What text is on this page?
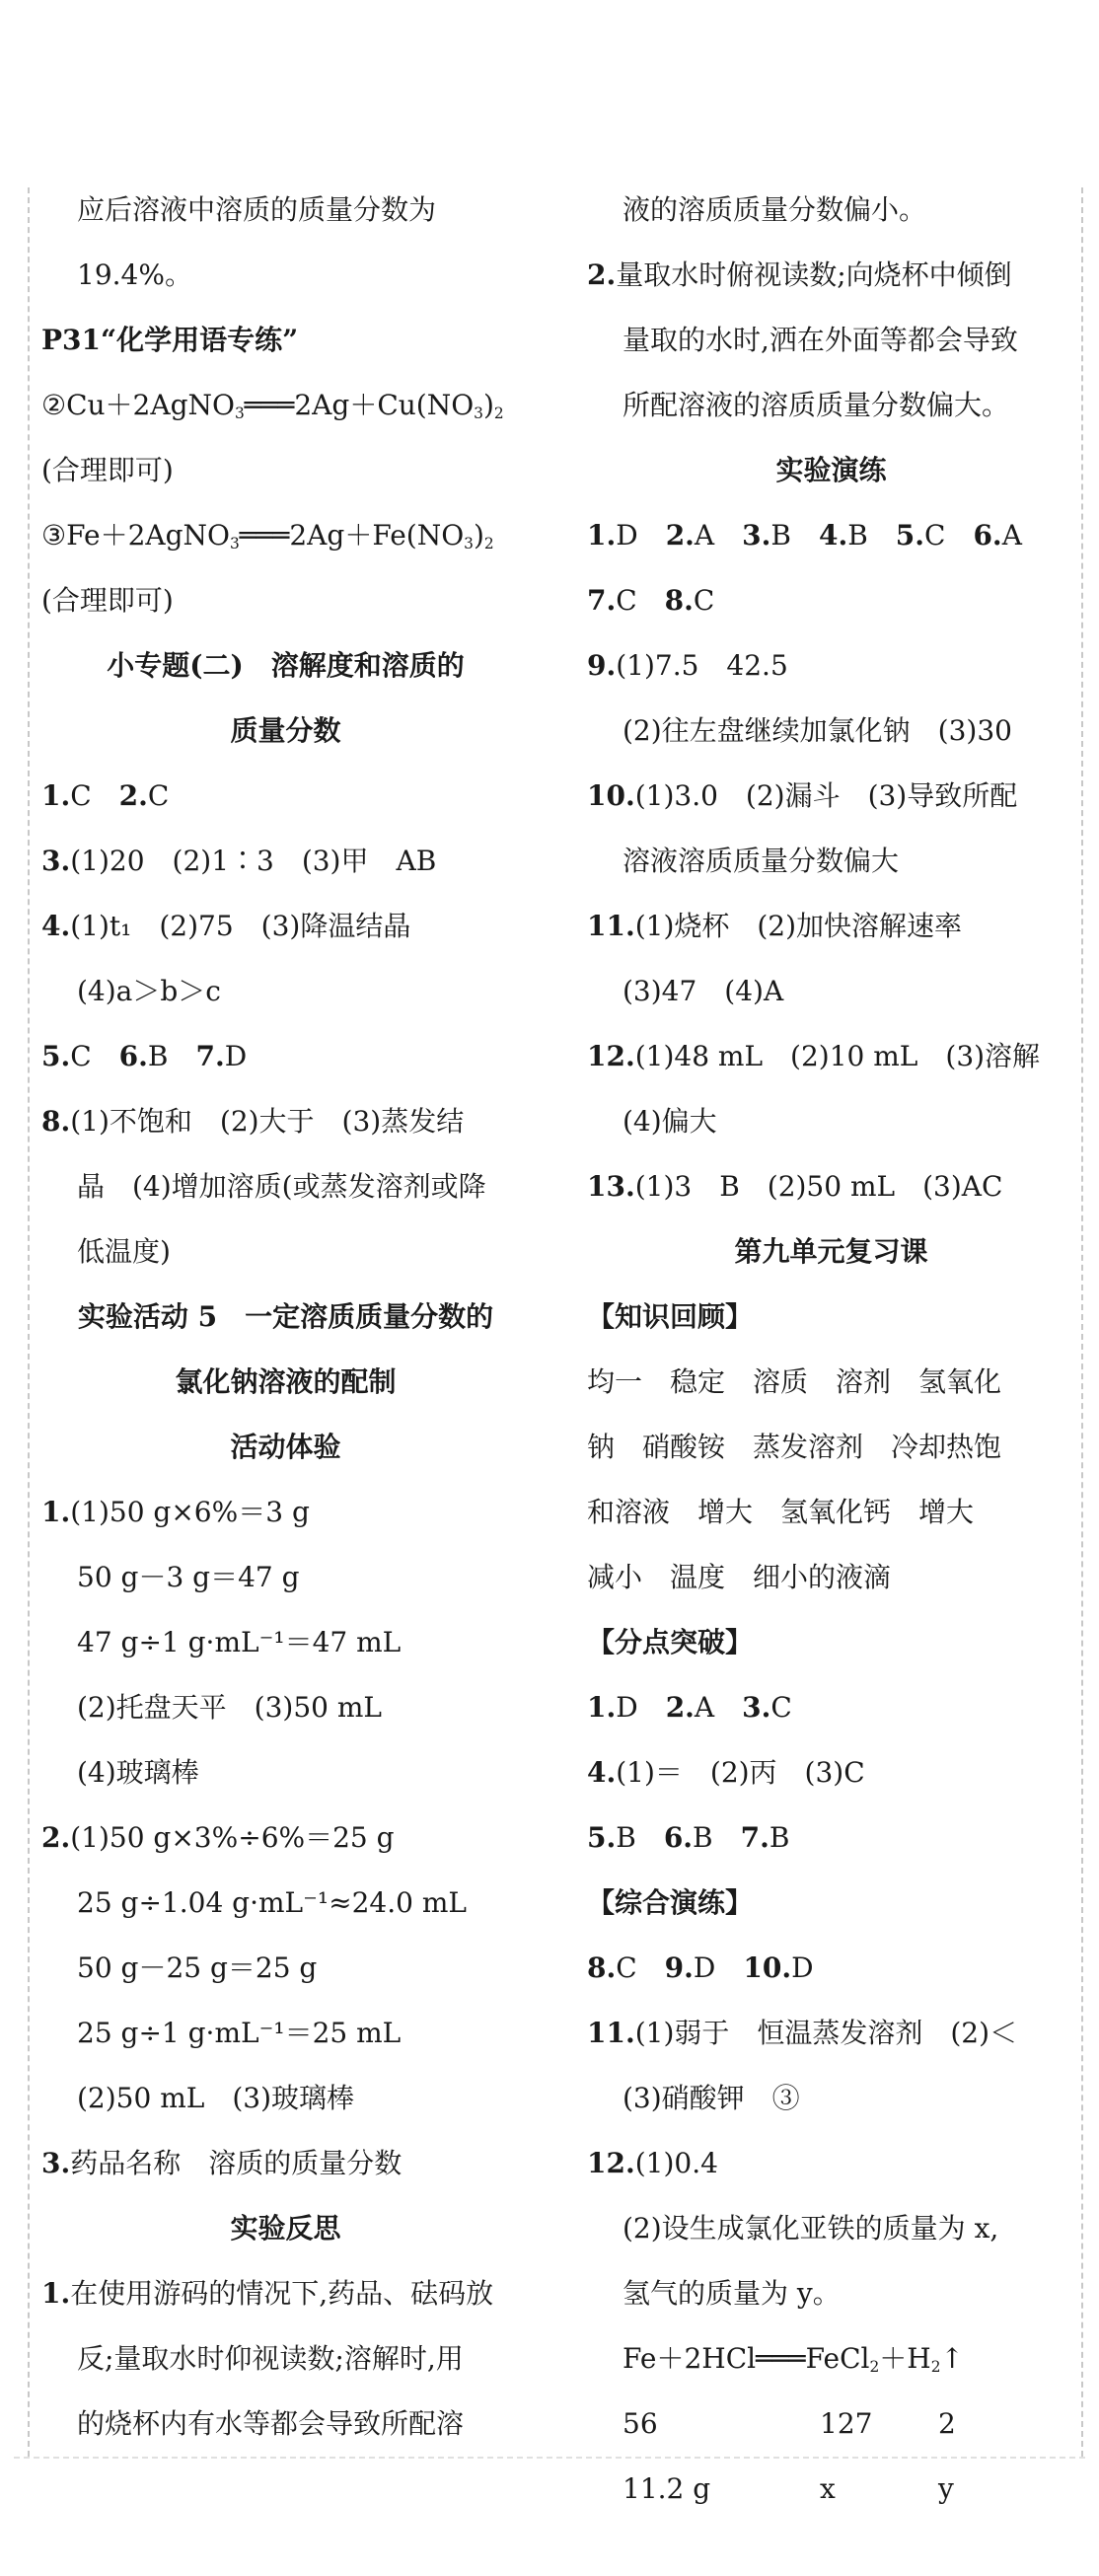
应后溶液中溶质的质量分数为
19.4%。
P31“化学用语专练”
$②Cu+2AgNO_3═══2Ag+Cu(NO_3)_2$
(合理即可)
$③Fe+2AgNO_3═══2Ag+Fe(NO_3)_2$
(合理即可)
小专题(二)　溶解度和溶质的
质量分数
1.C　2.C
3.(1)20　(2)1∶3　(3)甲　AB
4.(1)t₁　(2)75　(3)降温结晶
(4)a＞b＞c
5.C　6.B　7.D
8.(1)不饱和　(2)大于　(3)蒸发结
晶　(4)增加溶质(或蒸发溶剂或降
低温度)
实验活动 5　一定溶质质量分数的
氯化钠溶液的配制
活动体验
1.(1)50 g×6%＝3 g
50 g－3 g＝47 g
47 g÷1 g·mL⁻¹＝47 mL
(2)托盘天平　(3)50 mL
(4)玻璃棒
2.(1)50 g×3%÷6%＝25 g
25 g÷1.04 g·mL⁻¹≈24.0 mL
50 g－25 g＝25 g
25 g÷1 g·mL⁻¹＝25 mL
(2)50 mL　(3)玻璃棒
3.药品名称　溶质的质量分数
实验反思
1.在使用游码的情况下,药品、砝码放
反;量取水时仰视读数;溶解时,用
的烧杯内有水等都会导致所配溶
液的溶质质量分数偏小。
2.量取水时俯视读数;向烧杯中倾倒
量取的水时,洒在外面等都会导致
所配溶液的溶质质量分数偏大。
实验演练
1.D　2.A　3.B　4.B　5.C　6.A
7.C　8.C
9.(1)7.5　42.5
(2)往左盘继续加氯化钠　(3)30
10.(1)3.0　(2)漏斗　(3)导致所配
溶液溶质质量分数偏大
11.(1)烧杯　(2)加快溶解速率
(3)47　(4)A
12.(1)48 mL　(2)10 mL　(3)溶解
(4)偏大
13.(1)3　B　(2)50 mL　(3)AC
第九单元复习课
【知识回顾】
均一　稳定　溶质　溶剂　氢氧化
钠　硝酸铵　蒸发溶剂　冷却热饱
和溶液　增大　氢氧化钙　增大
减小　温度　细小的液滴
【分点突破】
1.D　2.A　3.C
4.(1)＝　(2)丙　(3)C
5.B　6.B　7.B
【综合演练】
8.C　9.D　10.D
11.(1)弱于　恒温蒸发溶剂　(2)＜
(3)硝酸钾　③
12.(1)0.4
(2)设生成氯化亚铁的质量为 x,
氢气的质量为 y。
$Fe+2HCl═══FeCl_2+H_2↑$
56	127 2
11.2 g	x	y
